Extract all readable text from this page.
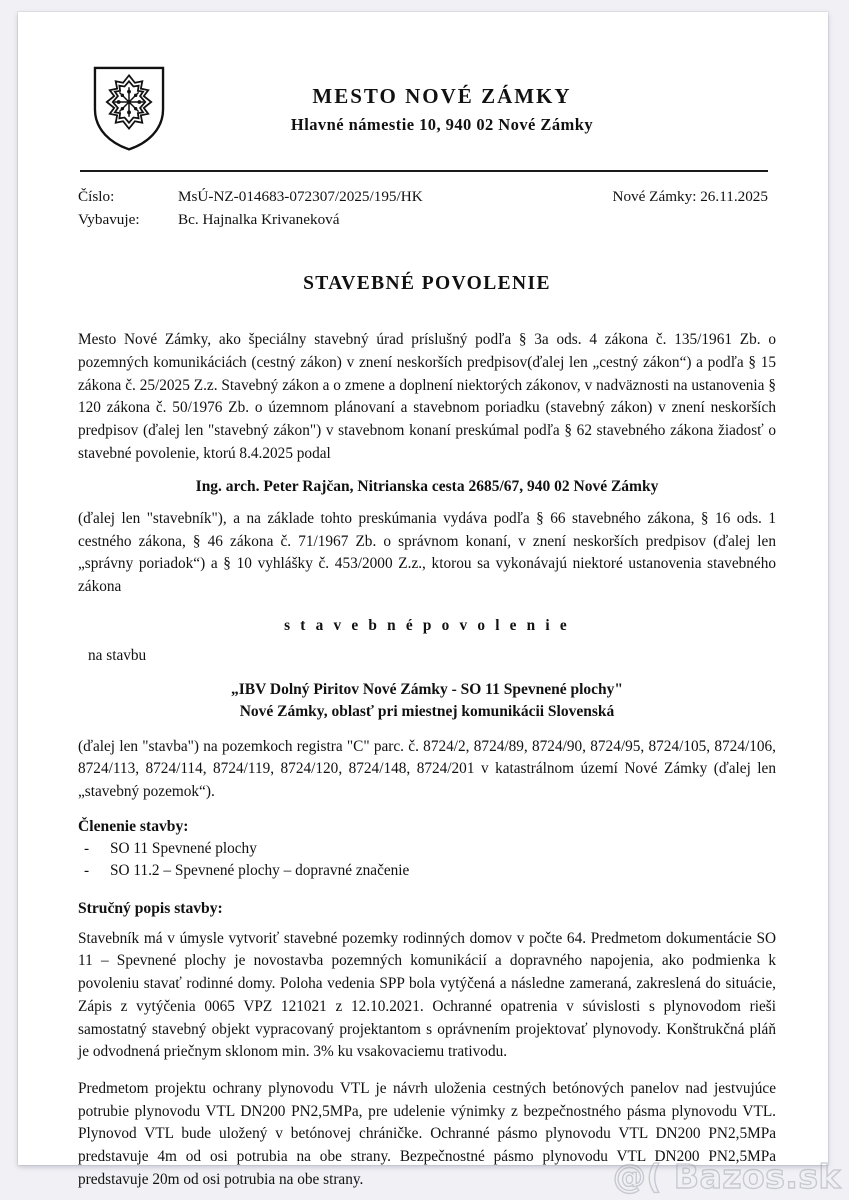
MESTO NOVÉ ZÁMKY
Hlavné námestie 10, 940 02 Nové Zámky
Číslo:	MsÚ-NZ-014683-072307/2025/195/HK
Vybavuje:	Bc. Hajnalka Krivaneková
Nové Zámky: 26.11.2025
STAVEBNÉ POVOLENIE

Mesto Nové Zámky, ako špeciálny stavebný úrad príslušný podľa § 3a ods. 4 zákona č. 135/1961 Zb. o pozemných komunikáciách (cestný zákon) v znení neskorších predpisov(ďalej len „cestný zákon“) a podľa § 15 zákona č. 25/2025 Z.z. Stavebný zákon a o zmene a doplnení niektorých zákonov, v nadväznosti na ustanovenia § 120 zákona č. 50/1976 Zb. o územnom plánovaní a stavebnom poriadku (stavebný zákon) v znení neskorších predpisov (ďalej len "stavebný zákon") v stavebnom konaní preskúmal podľa § 62 stavebného zákona žiadosť o stavebné povolenie, ktorú 8.4.2025 podal

Ing. arch. Peter Rajčan, Nitrianska cesta 2685/67, 940 02 Nové Zámky

(ďalej len "stavebník"), a na základe tohto preskúmania vydáva podľa § 66 stavebného zákona, § 16 ods. 1 cestného zákona, § 46 zákona č. 71/1967 Zb. o správnom konaní, v znení neskorších predpisov (ďalej len „správny poriadok“) a § 10 vyhlášky č. 453/2000 Z.z., ktorou sa vykonávajú niektoré ustanovenia stavebného zákona

s t a v e b n é p o v o l e n i e
na stavbu
„IBV Dolný Piritov Nové Zámky - SO 11 Spevnené plochy"
Nové Zámky, oblasť pri miestnej komunikácii Slovenská

(ďalej len "stavba") na pozemkoch registra "C" parc. č. 8724/2, 8724/89, 8724/90, 8724/95, 8724/105, 8724/106, 8724/113, 8724/114, 8724/119, 8724/120, 8724/148, 8724/201 v katastrálnom území Nové Zámky (ďalej len „stavebný pozemok“).

Členenie stavby:
-	SO 11 Spevnené plochy
-	SO 11.2 – Spevnené plochy – dopravné značenie
Stručný popis stavby:

Stavebník má v úmysle vytvoriť stavebné pozemky rodinných domov v počte 64. Predmetom dokumentácie SO 11 – Spevnené plochy je novostavba pozemných komunikácií a dopravného napojenia, ako podmienka k povoleniu stavať rodinné domy. Poloha vedenia SPP bola vytýčená a následne zameraná, zakreslená do situácie, Zápis z vytýčenia 0065 VPZ 121021 z 12.10.2021. Ochranné opatrenia v súvislosti s plynovodom rieši samostatný stavebný objekt vypracovaný projektantom s oprávnením projektovať plynovody. Konštrukčná pláň je odvodnená priečnym sklonom min. 3% ku vsakovaciemu trativodu.

Predmetom projektu ochrany plynovodu VTL je návrh uloženia cestných betónových panelov nad jestvujúce potrubie plynovodu VTL DN200 PN2,5MPa, pre udelenie výnimky z bezpečnostného pásma plynovodu VTL. Plynovod VTL bude uložený v betónovej chráničke. Ochranné pásmo plynovodu VTL DN200 PN2,5MPa predstavuje 4m od osi potrubia na obe strany. Bezpečnostné pásmo plynovodu VTL DN200 PN2,5MPa predstavuje 20m od osi potrubia na obe strany.	@( Bazos.sk
